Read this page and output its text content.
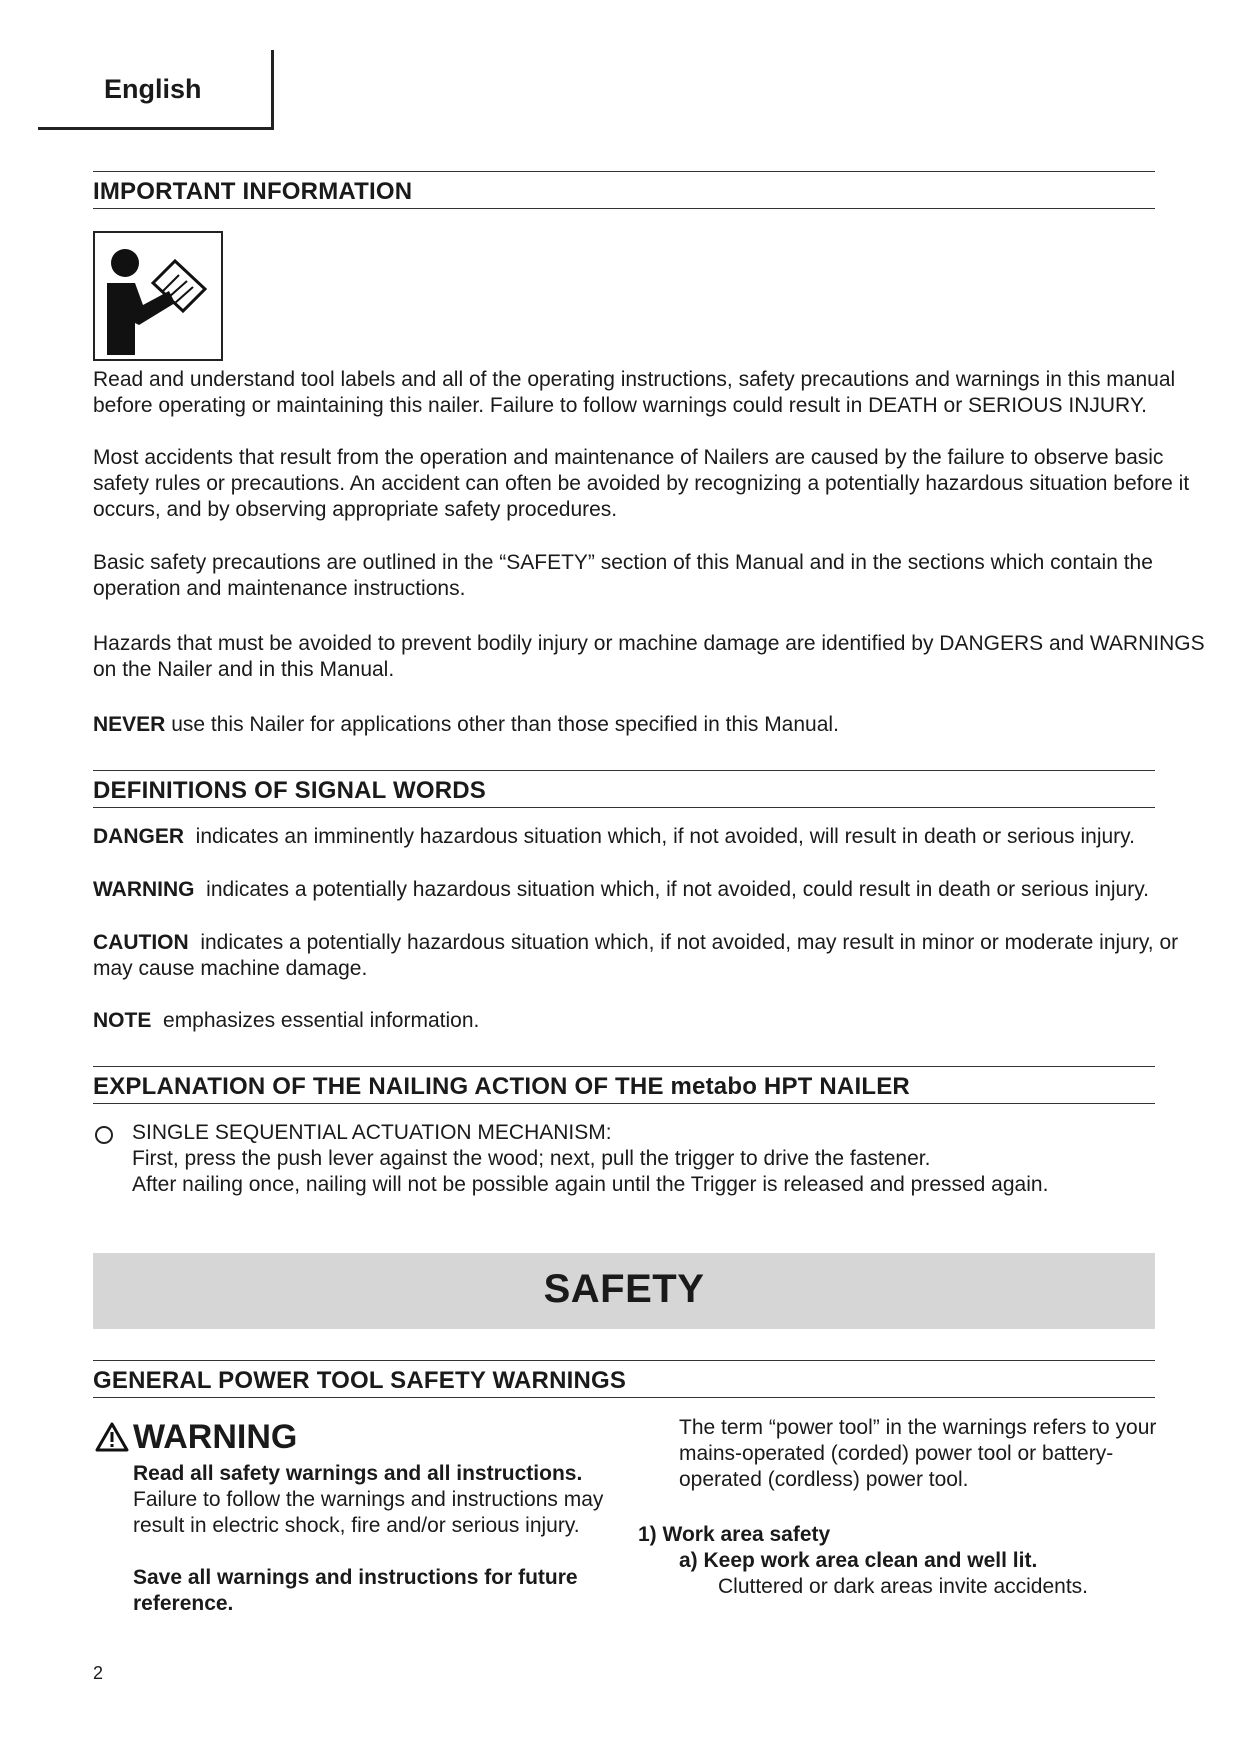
English
IMPORTANT INFORMATION
Read and understand tool labels and all of the operating instructions, safety precautions and warnings in this manual
before operating or maintaining this nailer. Failure to follow warnings could result in DEATH or SERIOUS INJURY.
Most accidents that result from the operation and maintenance of Nailers are caused by the failure to observe basic
safety rules or precautions. An accident can often be avoided by recognizing a potentially hazardous situation before it
occurs, and by observing appropriate safety procedures.
Basic safety precautions are outlined in the “SAFETY” section of this Manual and in the sections which contain the
operation and maintenance instructions.
Hazards that must be avoided to prevent bodily injury or machine damage are identified by DANGERS and WARNINGS
on the Nailer and in this Manual.
NEVER use this Nailer for applications other than those specified in this Manual.
DEFINITIONS OF SIGNAL WORDS
DANGER  indicates an imminently hazardous situation which, if not avoided, will result in death or serious injury.
WARNING  indicates a potentially hazardous situation which, if not avoided, could result in death or serious injury.
CAUTION  indicates a potentially hazardous situation which, if not avoided, may result in minor or moderate injury, or
may cause machine damage.
NOTE  emphasizes essential information.
EXPLANATION OF THE NAILING ACTION OF THE metabo HPT NAILER
SINGLE SEQUENTIAL ACTUATION MECHANISM:
First, press the push lever against the wood; next, pull the trigger to drive the fastener.
After nailing once, nailing will not be possible again until the Trigger is released and pressed again.
SAFETY
GENERAL POWER TOOL SAFETY WARNINGS
WARNING
Read all safety warnings and all instructions.
Failure to follow the warnings and instructions may
result in electric shock, fire and/or serious injury.
Save all warnings and instructions for future
reference.
The term “power tool” in the warnings refers to your
mains-operated (corded) power tool or battery-
operated (cordless) power tool.
1) Work area safety
a) Keep work area clean and well lit.
Cluttered or dark areas invite accidents.
2
